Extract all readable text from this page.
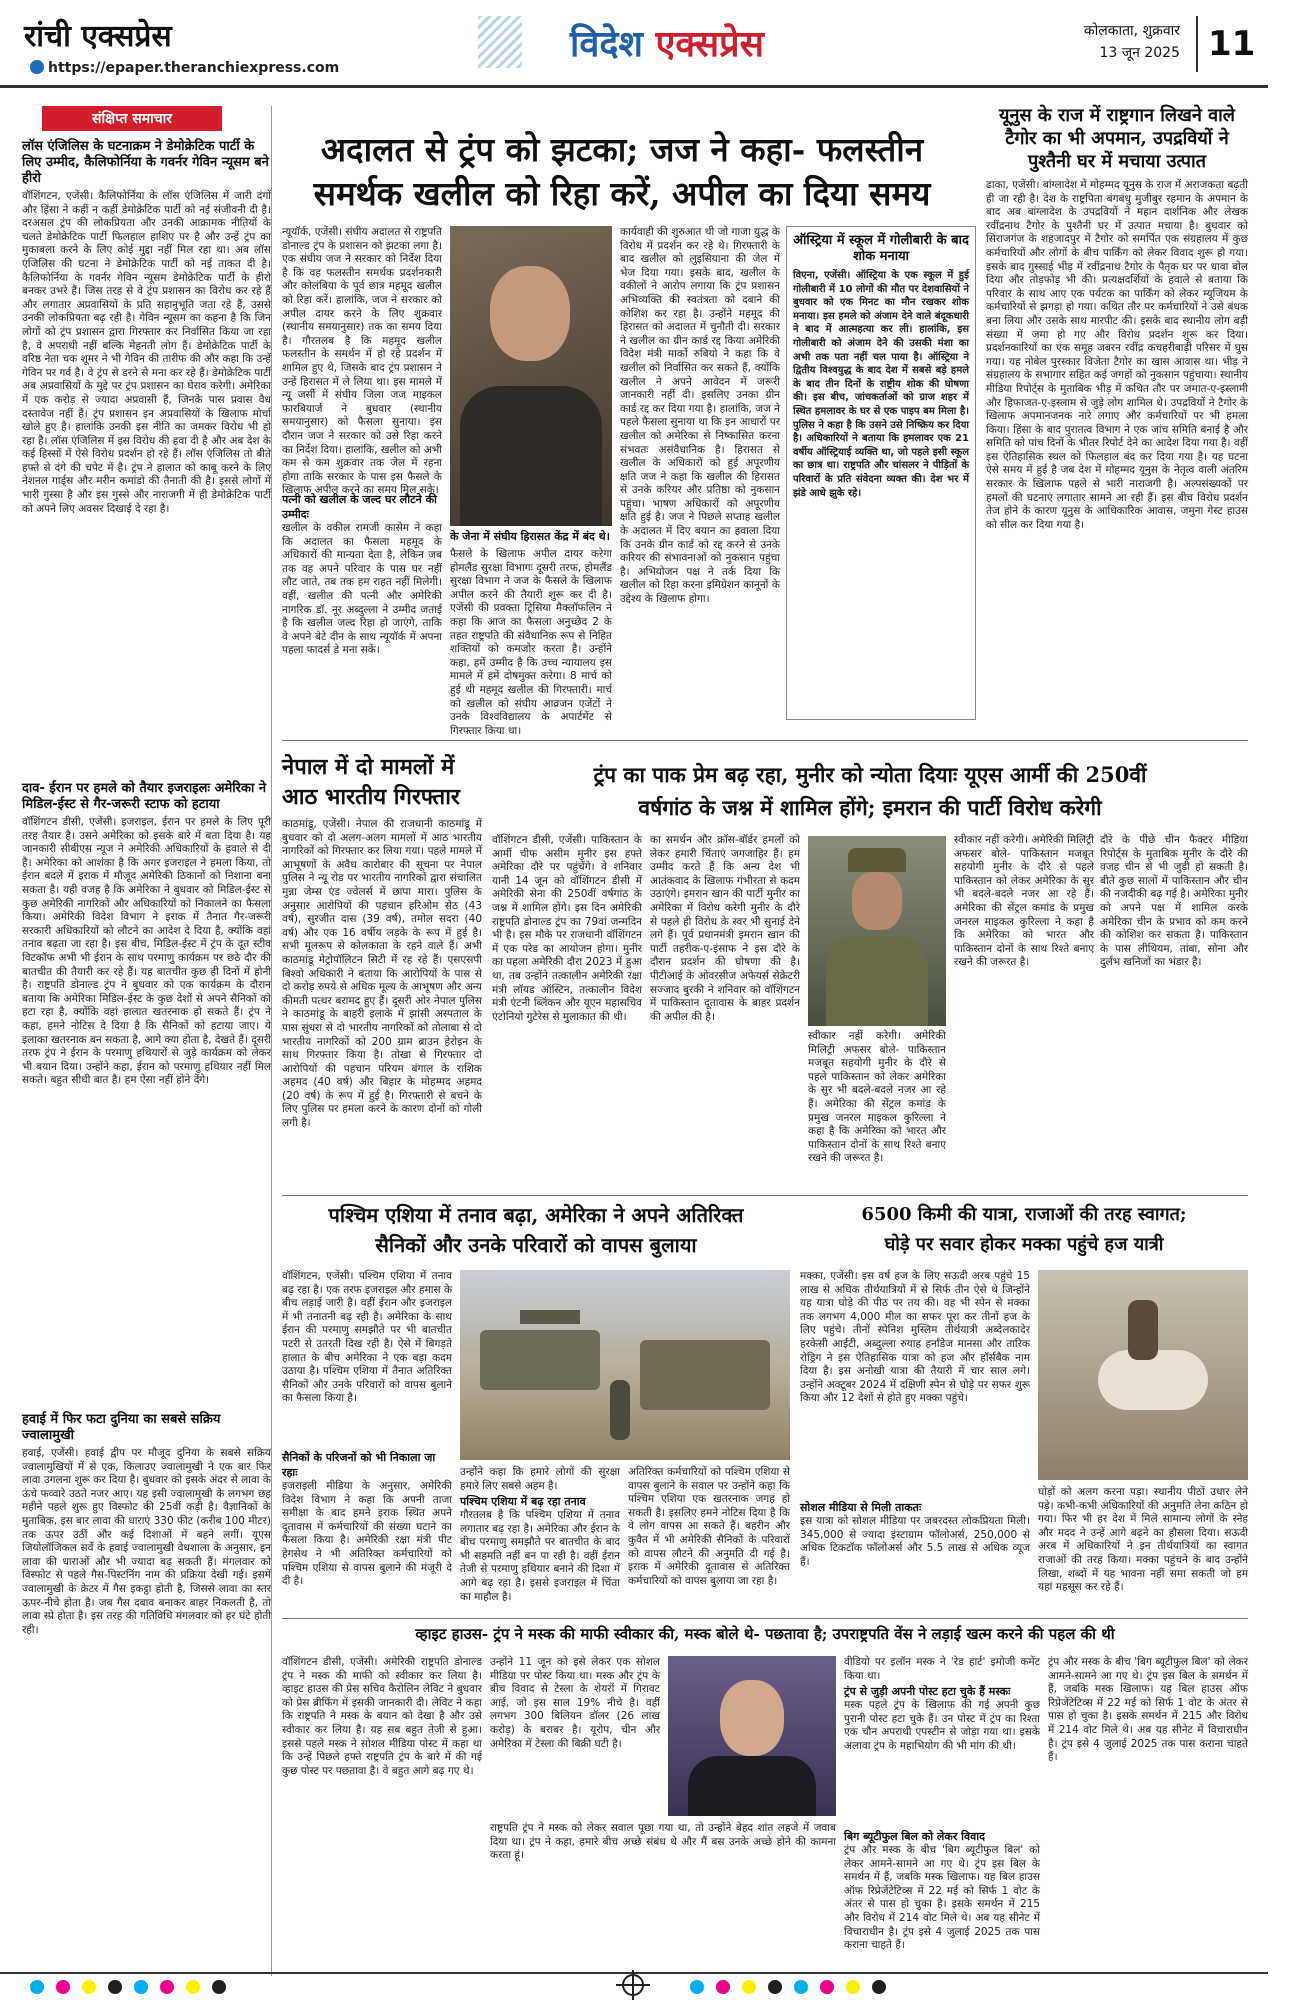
रांची एक्सप्रेस
https://epaper.theranchiexpress.com
विदेश एक्सप्रेस	कोलकाता, शुक्रवार
13 जून 2025 11
संक्षिप्त समाचार
लॉस एंजिलिस के घटनाक्रम ने डेमोक्रेटिक पार्टी के लिए उम्मीद, कैलिफोर्निया के गवर्नर गेविन न्यूसम बने हीरो
वॉशिंगटन, एजेंसी। कैलिफोर्निया के लॉस एंजिलिस में जारी दंगों और हिंसा ने कहीं न कहीं डेमोक्रेटिक पार्टी को नई संजीवनी दी है। दरअसल ट्रंप की लोकप्रियता और उनकी आक्रामक नीतियों के चलते डेमोक्रेटिक पार्टी फिलहाल हाशिए पर है और उन्हें ट्रंप का मुकाबला करने के लिए कोई मुद्दा नहीं मिल रहा था। अब लॉस एंजिलिस की घटना ने डेमोक्रेटिक पार्टी को नई ताकत दी है। कैलिफोर्निया के गवर्नर गेविन न्यूसम डेमोक्रेटिक पार्टी के हीरो बनकर उभरे हैं। जिस तरह से वे ट्रंप प्रशासन का विरोध कर रहे हैं और लगातार अप्रवासियों के प्रति सहानुभूति जता रहे हैं, उससे उनकी लोकप्रियता बढ़ रही है। गेविन न्यूसम का कहना है कि जिन लोगों को ट्रंप प्रशासन द्वारा गिरफ्तार कर निर्वासित किया जा रहा है, वे अपराधी नहीं बल्कि मेहनती लोग हैं। डेमोक्रेटिक पार्टी के वरिष्ठ नेता चक शूमर ने भी गेविन की तारीफ की और कहा कि उन्हें गेविन पर गर्व है। वे ट्रंप से डरने से मना कर रहे हैं। डेमोक्रेटिक पार्टी अब अप्रवासियों के मुद्दे पर ट्रंप प्रशासन का घेराव करेगी। अमेरिका में एक करोड़ से ज्यादा अप्रवासी हैं, जिनके पास प्रवास वैध दस्तावेज नहीं हैं। ट्रंप प्रशासन इन अप्रवासियों के खिलाफ मोर्चा खोले हुए है। हालांकि उनकी इस नीति का जमकर विरोध भी हो रहा है। लॉस एंजिलिस में इस विरोध की हवा दी है और अब देश के कई हिस्सों में ऐसे विरोध प्रदर्शन हो रहे हैं। लॉस एंजिलिस तो बीते हफ्ते से दंगे की चपेट में है। ट्रंप ने हालात को काबू करने के लिए नेशनल गार्ड्स और मरीन कमांडो की तैनाती की है। इससे लोगों में भारी गुस्सा है और इस गुस्से और नाराजगी में ही डेमोक्रेटिक पार्टी को अपने लिए अवसर दिखाई दे रहा है।
दाव- ईरान पर हमले को तैयार इजराइलः अमेरिका ने मिडिल-ईस्ट से गैर-जरूरी स्टाफ को हटाया
वॉशिंगटन डीसी, एजेंसी। इजराइल, ईरान पर हमले के लिए पूरी तरह तैयार है। उसने अमेरिका को इसके बारे में बता दिया है। यह जानकारी सीबीएस न्यूज ने अमेरिकी अधिकारियों के हवाले से दी है। अमेरिका को आशंका है कि अगर इजराइल ने हमला किया, तो ईरान बदले में इराक में मौजूद अमेरिकी ठिकानों को निशाना बना सकता है। यही वजह है कि अमेरिका ने बुधवार को मिडिल-ईस्ट से कुछ अमेरिकी नागरिकों और अधिकारियों को निकालने का फैसला किया। अमेरिकी विदेश विभाग ने इराक में तैनात गैर-जरूरी सरकारी अधिकारियों को लौटने का आदेश दे दिया है, क्योंकि वहां तनाव बढ़ता जा रहा है। इस बीच, मिडिल-ईस्ट में ट्रंप के दूत स्टीव विटकॉफ अभी भी ईरान के साथ परमाणु कार्यक्रम पर छठे दौर की बातचीत की तैयारी कर रहे हैं। यह बातचीत कुछ ही दिनों में होनी है। राष्ट्रपति डोनाल्ड ट्रंप ने बुधवार को एक कार्यक्रम के दौरान बताया कि अमेरिका मिडिल-ईस्ट के कुछ देशों से अपने सैनिकों को हटा रहा है, क्योंकि वहां हालात खतरनाक हो सकते हैं। ट्रंप ने कहा, हमने नोटिस दे दिया है कि सैनिकों को हटाया जाए। ये इलाका खतरनाक बन सकता है, आगे क्या होता है, देखते हैं। दूसरी तरफ ट्रंप ने ईरान के परमाणु हथियारों से जुड़े कार्यक्रम को लेकर भी बयान दिया। उन्होंने कहा, ईरान को परमाणु हथियार नहीं मिल सकते। बहुत सीधी बात है। हम ऐसा नहीं होने देंगे।
हवाई में फिर फटा दुनिया का सबसे सक्रिय ज्वालामुखी
हवाई, एजेंसी। हवाई द्वीप पर मौजूद दुनिया के सबसे सक्रिय ज्वालामुखियों में से एक, किलाउए ज्वालामुखी ने एक बार फिर लावा उगलना शुरू कर दिया है। बुधवार को इसके अंदर से लावा के ऊंचे फव्वारे उठते नजर आए। यह इसी ज्वालामुखी के लगभग छह महीने पहले शुरू हुए विस्फोट की 25वीं कड़ी है। वैज्ञानिकों के मुताबिक, इस बार लावा की धाराएं 330 फीट (करीब 100 मीटर) तक ऊपर उठीं और कई दिशाओं में बहने लगीं। यूएस जियोलॉजिकल सर्वे के हवाई ज्वालामुखी वेधशाला के अनुसार, इन लावा की धाराओं और भी ज्यादा बढ़ सकती हैं। मंगलवार को विस्फोट से पहले गैस-पिस्टनिंग नाम की प्रक्रिया देखी गई। इसमें ज्वालामुखी के क्रेटर में गैस इकट्ठा होती है, जिससे लावा का स्तर ऊपर-नीचे होता है। जब गैस दबाव बनाकर बाहर निकलती है, तो लावा स्प्रे होता है। इस तरह की गतिविधि मंगलवार को हर घंटे होती रही।
अदालत से ट्रंप को झटका; जज ने कहा- फलस्तीन
समर्थक खलील को रिहा करें, अपील का दिया समय
न्यूयॉर्क, एजेंसी। संघीय अदालत से राष्ट्रपति डोनाल्ड ट्रंप के प्रशासन को झटका लगा है। एक संघीय जज ने सरकार को निर्देश दिया है कि वह फलस्तीन समर्थक प्रदर्शनकारी और कोलंबिया के पूर्व छात्र महमूद खलील को रिहा करें। हालांकि, जज ने सरकार को अपील दायर करने के लिए शुक्रवार (स्थानीय समयानुसार) तक का समय दिया है। गौरतलब है कि महमूद खलील फलस्तीन के समर्थन में हो रहे प्रदर्शन में शामिल हुए थे, जिसके बाद ट्रंप प्रशासन ने उन्हें हिरासत में ले लिया था। इस मामले में न्यू जर्सी में संघीय जिला जज माइकल फारबियार्ज ने बुधवार (स्थानीय समयानुसार) को फैसला सुनाया। इस दौरान जज ने सरकार को उसे रिहा करने का निर्देश दिया। हालांकि, खलील को अभी कम से कम शुक्रवार तक जेल में रहना होगा ताकि सरकार के पास इस फैसले के खिलाफ अपील करने का समय मिल सके।
पत्नी को खलील के जल्द घर लौटने की उम्मीदः
खलील के वकील रामजी कासेम ने कहा कि अदालत का फैसला महमूद के अधिकारों की मान्यता देता है, लेकिन जब तक वह अपने परिवार के पास घर नहीं लौट जाते, तब तक हम राहत नहीं मिलेगी। वहीं, खलील की पत्नी और अमेरिकी नागरिक डॉ. नूर अब्दुल्ला ने उम्मीद जताई है कि खलील जल्द रिहा हो जाएंगे, ताकि वे अपने बेटे दीन के साथ न्यूयॉर्क में अपना पहला फादर्स डे मना सकें।
के जेना में संघीय हिरासत केंद्र में बंद थे।
फैसले के खिलाफ अपील दायर करेगा होमलैंड सुरक्षा विभागः दूसरी तरफ, होमलैंड सुरक्षा विभाग ने जज के फैसले के खिलाफ अपील करने की तैयारी शुरू कर दी है। एजेंसी की प्रवक्ता ट्रिसिया मैक्लॉफलिन ने कहा कि आज का फैसला अनुच्छेद 2 के तहत राष्ट्रपति की संवैधानिक रूप से निहित शक्तियों को कमजोर करता है। उन्होंने कहा, हमें उम्मीद है कि उच्च न्यायालय इस मामले में हमें दोषमुक्त करेगा। 8 मार्च को हुई थी महमूद खलील की गिरफ्तारी। मार्च को खलील को संघीय आव्रजन एजेंटों ने उनके विश्वविद्यालय के अपार्टमेंट से गिरफ्तार किया था।
कार्यवाही की शुरुआत थी जो गाजा युद्ध के विरोध में प्रदर्शन कर रहे थे। गिरफ्तारी के बाद खलील को लुइसियाना की जेल में भेज दिया गया। इसके बाद, खलील के वकीलों ने आरोप लगाया कि ट्रंप प्रशासन अभिव्यक्ति की स्वतंत्रता को दबाने की कोशिश कर रहा है। उन्होंने महमूद की हिरासत को अदालत में चुनौती दी। सरकार ने खलील का ग्रीन कार्ड रद्द किया अमेरिकी विदेश मंत्री मार्को रुबियो ने कहा कि वे खलील को निर्वासित कर सकते हैं, क्योंकि खलील ने अपने आवेदन में जरूरी जानकारी नहीं दी। इसलिए उनका ग्रीन कार्ड रद्द कर दिया गया है। हालांकि, जज ने पहले फैसला सुनाया था कि इन आधारों पर खलील को अमेरिका से निष्कासित करना संभवतः असंवैधानिक है। हिरासत से खलील के अधिकारों को हुई अपूरणीय क्षति जज ने कहा कि खलील की हिरासत से उनके करियर और प्रतिष्ठा को नुकसान पहुंचा। भाषण अधिकारों को अपूरणीय क्षति हुई है। जज ने पिछले सप्ताह खलील के अदालत में दिए बयान का हवाला दिया कि उनके ग्रीन कार्ड को रद्द करने से उनके करियर की संभावनाओं को नुकसान पहुंचा है। अभियोजन पक्ष ने तर्क दिया कि खलील को रिहा करना इमिग्रेशन कानूनों के उद्देश्य के खिलाफ होगा।
ऑस्ट्रिया में स्कूल में गोलीबारी के बाद शोक मनाया
विएना, एजेंसी। ऑस्ट्रिया के एक स्कूल में हुई गोलीबारी में 10 लोगों की मौत पर देशवासियों ने बुधवार को एक मिनट का मौन रखकर शोक मनाया। इस हमले को अंजाम देने वाले बंदूकधारी ने बाद में आत्महत्या कर ली। हालांकि, इस गोलीबारी को अंजाम देने की उसकी मंशा का अभी तक पता नहीं चल पाया है। ऑस्ट्रिया ने द्वितीय विश्वयुद्ध के बाद देश में सबसे बड़े हमले के बाद तीन दिनों के राष्ट्रीय शोक की घोषणा की। इस बीच, जांचकर्ताओं को ग्राज शहर में स्थित हमलावर के घर से एक पाइप बम मिला है। पुलिस ने कहा है कि उसने उसे निष्क्रिय कर दिया है। अधिकारियों ने बताया कि हमलावर एक 21 वर्षीय ऑस्ट्रियाई व्यक्ति था, जो पहले इसी स्कूल का छात्र था। राष्ट्रपति और चांसलर ने पीड़ितों के परिवारों के प्रति संवेदना व्यक्त की। देश भर में झंडे आधे झुके रहे।
यूनुस के राज में राष्ट्रगान लिखने वाले टैगोर का भी अपमान, उपद्रवियों ने पुश्तैनी घर में मचाया उत्पात
ढाका, एजेंसी। बांग्लादेश में मोहम्मद यूनुस के राज में अराजकता बढ़ती ही जा रही है। देश के राष्ट्रपिता बंगबंधु मुजीबुर रहमान के अपमान के बाद अब बांग्लादेश के उपद्रवियों ने महान दार्शनिक और लेखक रवींद्रनाथ टैगोर के पुश्तैनी घर में उत्पात मचाया है। बुधवार को सिराजगंज के शहजादपुर में टैगोर को समर्पित एक संग्रहालय में कुछ कर्मचारियों और लोगों के बीच पार्किंग को लेकर विवाद शुरू हो गया। इसके बाद गुस्साई भीड़ में रवींद्रनाथ टैगोर के पैतृक घर पर धावा बोल दिया और तोड़फोड़ भी की। प्रत्यक्षदर्शियों के हवाले से बताया कि परिवार के साथ आए एक पर्यटक का पार्किंग को लेकर म्यूजियम के कर्मचारियों से झगड़ा हो गया। कथित तौर पर कर्मचारियों ने उसे बंधक बना लिया और उसके साथ मारपीट की। इसके बाद स्थानीय लोग बड़ी संख्या में जमा हो गए और विरोध प्रदर्शन शुरू कर दिया। प्रदर्शनकारियों का एक समूह जबरन रवींद्र कचहरीबाड़ी परिसर में घुस गया। यह नोबेल पुरस्कार विजेता टैगोर का खास आवास था। भीड़ ने संग्रहालय के सभागार सहित कई जगहों को नुकसान पहुंचाया। स्थानीय मीडिया रिपोर्ट्स के मुताबिक भीड़ में कथित तौर पर जमात-ए-इस्लामी और हिफाजत-ए-इस्लाम से जुड़े लोग शामिल थे। उपद्रवियों ने टैगोर के खिलाफ अपमानजनक नारे लगाए और कर्मचारियों पर भी हमला किया। हिंसा के बाद पुरातत्व विभाग ने एक जांच समिति बनाई है और समिति को पांच दिनों के भीतर रिपोर्ट देने का आदेश दिया गया है। वहीं इस ऐतिहासिक स्थल को फिलहाल बंद कर दिया गया है। यह घटना ऐसे समय में हुई है जब देश में मोहम्मद यूनुस के नेतृत्व वाली अंतरिम सरकार के खिलाफ पहले से भारी नाराजगी है। अल्पसंख्यकों पर हमलों की घटनाएं लगातार सामने आ रही हैं। इस बीच विरोध प्रदर्शन तेज होने के कारण यूनुस के आधिकारिक आवास, जमुना गेस्ट हाउस को सील कर दिया गया है।
नेपाल में दो मामलों में आठ भारतीय गिरफ्तार
काठमांडू, एजेंसी। नेपाल की राजधानी काठमांडू में बुधवार को दो अलग-अलग मामलों में आठ भारतीय नागरिकों को गिरफ्तार कर लिया गया। पहले मामले में आभूषणों के अवैध कारोबार की सूचना पर नेपाल पुलिस ने न्यू रोड पर भारतीय नागरिकों द्वारा संचालित मुन्ना जेम्स एंड ज्वेलर्स में छापा मारा। पुलिस के अनुसार आरोपियों की पहचान हरिओम सेठ (43 वर्ष), सुरजीत दास (39 वर्ष), तमोल सदरा (40 वर्ष) और एक 16 वर्षीय लड़के के रूप में हुई है। सभी मूलरूप से कोलकाता के रहने वाले हैं। अभी काठमांडू मेट्रोपॉलिटन सिटी में रह रहे हैं। एसएसपी बिश्वो अधिकारी ने बताया कि आरोपियों के पास से दो करोड़ रुपये से अधिक मूल्य के आभूषण और अन्य कीमती पत्थर बरामद हुए हैं। दूसरी ओर नेपाल पुलिस ने काठमांडू के बाहरी इलाके में झांसी अस्पताल के पास सुंधरा से दो भारतीय नागरिकों को तोलाबा से दो भारतीय नागरिकों को 200 ग्राम ब्राउन हेरोइन के साथ गिरफ्तार किया है। तोखा से गिरफ्तार दो आरोपियों की पहचान परियम बंगाल के राशिक अहमद (40 वर्ष) और बिहार के मोहम्मद अहमद (20 वर्ष) के रूप में हुई है। गिरफ्तारी से बचने के लिए पुलिस पर हमला करने के कारण दोनों को गोली लगी है।
ट्रंप का पाक प्रेम बढ़ रहा, मुनीर को न्योता दियाः यूएस आर्मी की 250वीं
वर्षगांठ के जश्न में शामिल होंगे; इमरान की पार्टी विरोध करेगी
वॉशिंगटन डीसी, एजेंसी। पाकिस्तान के आर्मी चीफ असीम मुनीर इस हफ्ते अमेरिका दौरे पर पहुंचेंगे। वे शनिवार यानी 14 जून को वॉशिंगटन डीसी में अमेरिकी सेना की 250वीं वर्षगांठ के जश्न में शामिल होंगे। इस दिन अमेरिकी राष्ट्रपति डोनाल्ड ट्रंप का 79वां जन्मदिन भी है। इस मौके पर राजधानी वॉशिंगटन में एक परेड का आयोजन होगा। मुनीर का पहला अमेरिकी दौरा 2023 में हुआ था, तब उन्होंने तत्कालीन अमेरिकी रक्षा मंत्री लॉयड ऑस्टिन, तत्कालीन विदेश मंत्री एंटनी ब्लिंकन और यूएन महासचिव एंटोनियो गुटेरेस से मुलाकात की थी।
का समर्थन और क्रॉस-बॉर्डर हमलों को लेकर हमारी चिंताएं जगजाहिर हैं। हम उम्मीद करते हैं कि अन्य देश भी आतंकवाद के खिलाफ गंभीरता से कदम उठाएंगे। इमरान खान की पार्टी मुनीर का अमेरिका में विरोध करेगी मुनीर के दौरे से पहले ही विरोध के स्वर भी सुनाई देने लगे हैं। पूर्व प्रधानमंत्री इमरान खान की पार्टी तहरीक-ए-इंसाफ ने इस दौरे के दौरान प्रदर्शन की घोषणा की है। पीटीआई के ओवरसीज अफेयर्स सेक्रेटरी सज्जाद बुरकी ने शनिवार को वॉशिंगटन में पाकिस्तान दूतावास के बाहर प्रदर्शन की अपील की है।
स्वीकार नहीं करेगी। अमेरिकी मिलिट्री अफसर बोले- पाकिस्तान मजबूत सहयोगी मुनीर के दौरे से पहले पाकिस्तान को लेकर अमेरिका के सुर भी बदले-बदले नजर आ रहे हैं। अमेरिका की सेंट्रल कमांड के प्रमुख जनरल माइकल कुरिल्ला ने कहा है कि अमेरिका को भारत और पाकिस्तान दोनों के साथ रिश्ते बनाए रखने की जरूरत है।
स्वीकार नहीं करेगी। अमेरिकी मिलिट्री अफसर बोले- पाकिस्तान मजबूत सहयोगी मुनीर के दौरे से पहले पाकिस्तान को लेकर अमेरिका के सुर भी बदले-बदले नजर आ रहे हैं। अमेरिका की सेंट्रल कमांड के प्रमुख जनरल माइकल कुरिल्ला ने कहा है कि अमेरिका को भारत और पाकिस्तान दोनों के साथ रिश्ते बनाए रखने की जरूरत है।
दौरे के पीछे चीन फैक्टर मीडिया रिपोर्ट्स के मुताबिक मुनीर के दौरे की वजह चीन से भी जुड़ी हो सकती है। बीते कुछ सालों में पाकिस्तान और चीन की नजदीकी बढ़ गई है। अमेरिका मुनीर को अपने पक्ष में शामिल करके अमेरिका चीन के प्रभाव को कम करने की कोशिश कर सकता है। पाकिस्तान के पास लीथियम, तांबा, सोना और दुर्लभ खनिजों का भंडार है।
पश्चिम एशिया में तनाव बढ़ा, अमेरिका ने अपने अतिरिक्त
सैनिकों और उनके परिवारों को वापस बुलाया
वॉशिंगटन, एजेंसी। पश्चिम एशिया में तनाव बढ़ रहा है। एक तरफ इजराइल और हमास के बीच लड़ाई जारी है। वहीं ईरान और इजराइल में भी तनातनी बढ़ रही है। अमेरिका के साथ ईरान की परमाणु समझौते पर भी बातचीत पटरी से उतरती दिख रही है। ऐसे में बिगड़ते हालात के बीच अमेरिका ने एक बड़ा कदम उठाया है। पश्चिम एशिया में तैनात अतिरिक्त सैनिकों और उनके परिवारों को वापस बुलाने का फैसला किया है।
सैनिकों के परिजनों को भी निकाला जा रहाः
इजराइली मीडिया के अनुसार, अमेरिकी विदेश विभाग ने कहा कि अपनी ताजा समीक्षा के बाद हमने इराक स्थित अपने दूतावास में कर्मचारियों की संख्या घटाने का फैसला किया है। अमेरिकी रक्षा मंत्री पीट हेगसेथ ने भी अतिरिक्त कर्मचारियों को पश्चिम एशिया से वापस बुलाने की मंजूरी दे दी है।
उन्होंने कहा कि हमारे लोगों की सुरक्षा हमारे लिए सबसे अहम है।
पश्चिम एशिया में बढ़ रहा तनाव
गौरतलब है कि पश्चिम एशिया में तनाव लगातार बढ़ रहा है। अमेरिका और ईरान के बीच परमाणु समझौते पर बातचीत के बाद भी सहमति नहीं बन पा रही है। वहीं ईरान तेजी से परमाणु हथियार बनाने की दिशा में आगे बढ़ रहा है। इससे इजराइल में चिंता का माहौल है।
अतिरिक्त कर्मचारियों को पश्चिम एशिया से वापस बुलाने के सवाल पर उन्होंने कहा कि पश्चिम एशिया एक खतरनाक जगह हो सकती है। इसलिए हमने नोटिस दिया है कि वे लोग वापस आ सकते हैं। बहरीन और कुवैत में भी अमेरिकी सैनिकों के परिवारों को वापस लौटने की अनुमति दी गई है। इराक में अमेरिकी दूतावास से अतिरिक्त कर्मचारियों को वापस बुलाया जा रहा है।
6500 किमी की यात्रा, राजाओं की तरह स्वागत;
घोड़े पर सवार होकर मक्का पहुंचे हज यात्री
मक्का, एजेंसी। इस वर्ष हज के लिए सऊदी अरब पहुंचे 15 लाख से अधिक तीर्थयात्रियों में से सिर्फ तीन ऐसे थे जिन्होंने यह यात्रा घोड़े की पीठ पर तय की। वह भी स्पेन से मक्का तक लगभग 4,000 मील का सफर पूरा कर तीनों हज के लिए पहुंचे। तीनों स्पेनिश मुस्लिम तीर्थयात्री अब्देलकादेर हरकेसी आईटी, अब्दुल्ला रुयाह हर्नांडेज मानसा और तारिक रोड्रिग ने इस ऐतिहासिक यात्रा को हज और हॉर्सबैक नाम दिया है। इस अनोखी यात्रा की तैयारी में चार साल लगे। उन्होंने अक्टूबर 2024 में दक्षिणी स्पेन से घोड़े पर सफर शुरू किया और 12 देशों से होते हुए मक्का पहुंचे।
सोशल मीडिया से मिली ताकतः
इस यात्रा को सोशल मीडिया पर जबरदस्त लोकप्रियता मिली। 345,000 से ज्यादा इंस्टाग्राम फॉलोअर्स, 250,000 से अधिक टिकटॉक फॉलोअर्स और 5.5 लाख से अधिक व्यूज हैं।
घोड़ों को अलग करना पड़ा। स्थानीय पीठों उधार लेने पड़े। कभी-कभी अधिकारियों की अनुमति लेना कठिन हो गया। फिर भी हर देश में मिले सामान्य लोगों के स्नेह और मदद ने उन्हें आगे बढ़ने का हौसला दिया। सऊदी अरब में अधिकारियों ने इन तीर्थयात्रियों का स्वागत राजाओं की तरह किया। मक्का पहुंचने के बाद उन्होंने लिखा, शब्दों में यह भावना नहीं समा सकती जो हम यहां महसूस कर रहे हैं।
व्हाइट हाउस- ट्रंप ने मस्क की माफी स्वीकार की, मस्क बोले थे- पछतावा है; उपराष्ट्रपति वेंस ने लड़ाई खत्म करने की पहल की थी
वॉशिंगटन डीसी, एजेंसी। अमेरिकी राष्ट्रपति डोनाल्ड ट्रंप ने मस्क की माफी को स्वीकार कर लिया है। व्हाइट हाउस की प्रेस सचिव कैरोलिन लेविट ने बुधवार को प्रेस ब्रीफिंग में इसकी जानकारी दी। लेविट ने कहा कि राष्ट्रपति ने मस्क के बयान को देखा है और उसे स्वीकार कर लिया है। यह सब बहुत तेजी से हुआ। इससे पहले मस्क ने सोशल मीडिया पोस्ट में कहा था कि उन्हें पिछले हफ्ते राष्ट्रपति ट्रंप के बारे में की गई कुछ पोस्ट पर पछतावा है। वे बहुत आगे बढ़ गए थे।
उन्होंने 11 जून को इसे लेकर एक सोशल मीडिया पर पोस्ट किया था। मस्क और ट्रंप के बीच विवाद से टेस्ला के शेयरों में गिरावट आई, जो इस साल 19% नीचे है। वहीं लगभग 300 बिलियन डॉलर (26 लाख करोड़) के बराबर है। यूरोप, चीन और अमेरिका में टेस्ला की बिक्री घटी है।
राष्ट्रपति ट्रंप ने मस्क को लेकर सवाल पूछा गया था, तो उन्होंने बेहद शांत लहजे में जवाब दिया था। ट्रंप ने कहा, हमारे बीच अच्छे संबंध थे और मैं बस उनके अच्छे होने की कामना करता हूं।
वीडियो पर इलॉन मस्क ने 'रेड हार्ट' इमोजी कमेंट किया था।
ट्रंप से जुड़ी अपनी पोस्ट हटा चुके हैं मस्कः
मस्क पहले ट्रंप के खिलाफ की गई अपनी कुछ पुरानी पोस्ट हटा चुके हैं। उन पोस्ट में ट्रंप का रिश्ता एक चौन अपराधी एपस्टीन से जोड़ा गया था। इसके अलावा ट्रंप के महाभियोग की भी मांग की थी।
बिग ब्यूटीफुल बिल को लेकर विवाद
ट्रंप और मस्क के बीच 'बिग ब्यूटीफुल बिल' को लेकर आमने-सामने आ गए थे। ट्रंप इस बिल के समर्थन में हैं, जबकि मस्क खिलाफ। यह बिल हाउस ऑफ रिप्रेजेंटेटिव्स में 22 मई को सिर्फ 1 वोट के अंतर से पास हो चुका है। इसके समर्थन में 215 और विरोध में 214 वोट मिले थे। अब यह सीनेट में विचाराधीन है। ट्रंप इसे 4 जुलाई 2025 तक पास कराना चाहते हैं।
ट्रंप और मस्क के बीच 'बिग ब्यूटीफुल बिल' को लेकर आमने-सामने आ गए थे। ट्रंप इस बिल के समर्थन में हैं, जबकि मस्क खिलाफ। यह बिल हाउस ऑफ रिप्रेजेंटेटिव्स में 22 मई को सिर्फ 1 वोट के अंतर से पास हो चुका है। इसके समर्थन में 215 और विरोध में 214 वोट मिले थे। अब यह सीनेट में विचाराधीन है। ट्रंप इसे 4 जुलाई 2025 तक पास कराना चाहते हैं।
